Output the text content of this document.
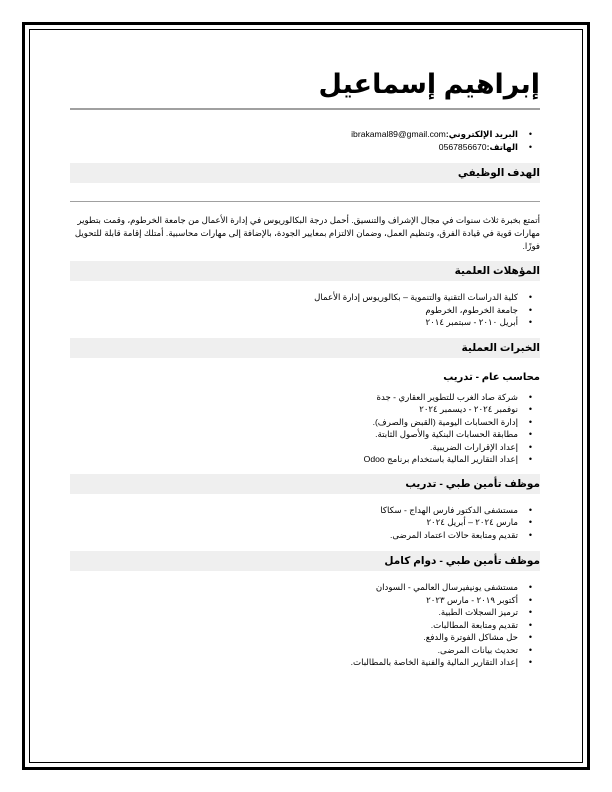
إبراهيم إسماعيل
• البريد الإلكتروني:ibrakamal89@gmail.com
• الهاتف:0567856670
الهدف الوظيفي

أتمتع بخبرة ثلاث سنوات في مجال الإشراف والتنسيق. أحمل درجة البكالوريوس في إدارة الأعمال من جامعة الخرطوم، وقمت بتطوير مهارات قوية في قيادة الفرق، وتنظيم العمل، وضمان الالتزام بمعايير الجودة، بالإضافة إلى مهارات محاسبية. أمتلك إقامة قابلة للتحويل فوزًا.

المؤهلات العلمية
• كلية الدراسات التقنية والتنموية – بكالوريوس إدارة الأعمال
• جامعة الخرطوم، الخرطوم
• أبريل ٢٠١٠ - سبتمبر ٢٠١٤
الخبرات العملية
محاسب عام - تدريب
• شركة صاد الغرب للتطوير العقاري - جدة
• نوفمبر ٢٠٢٤ - ديسمبر ٢٠٢٤
• إدارة الحسابات اليومية (القبض والصرف).
• مطابقة الحسابات البنكية والأصول الثابتة.
• إعداد الإقرارات الضريبية.
• إعداد التقارير المالية باستخدام برنامج Odoo
موظف تأمين طبي - تدريب
• مستشفى الدكتور فارس الهداج - سكاكا
• مارس ٢٠٢٤ – أبريل ٢٠٢٤
• تقديم ومتابعة حالات اعتماد المرضى.
موظف تأمين طبي - دوام كامل
• مستشفى يونيفيرسال العالمي - السودان
• أكتوبر ٢٠١٩ - مارس ٢٠٢٣
• ترميز السجلات الطبية.
• تقديم ومتابعة المطالبات.
• حل مشاكل الفوترة والدفع.
• تحديث بيانات المرضى.
• إعداد التقارير المالية والفنية الخاصة بالمطالبات.
